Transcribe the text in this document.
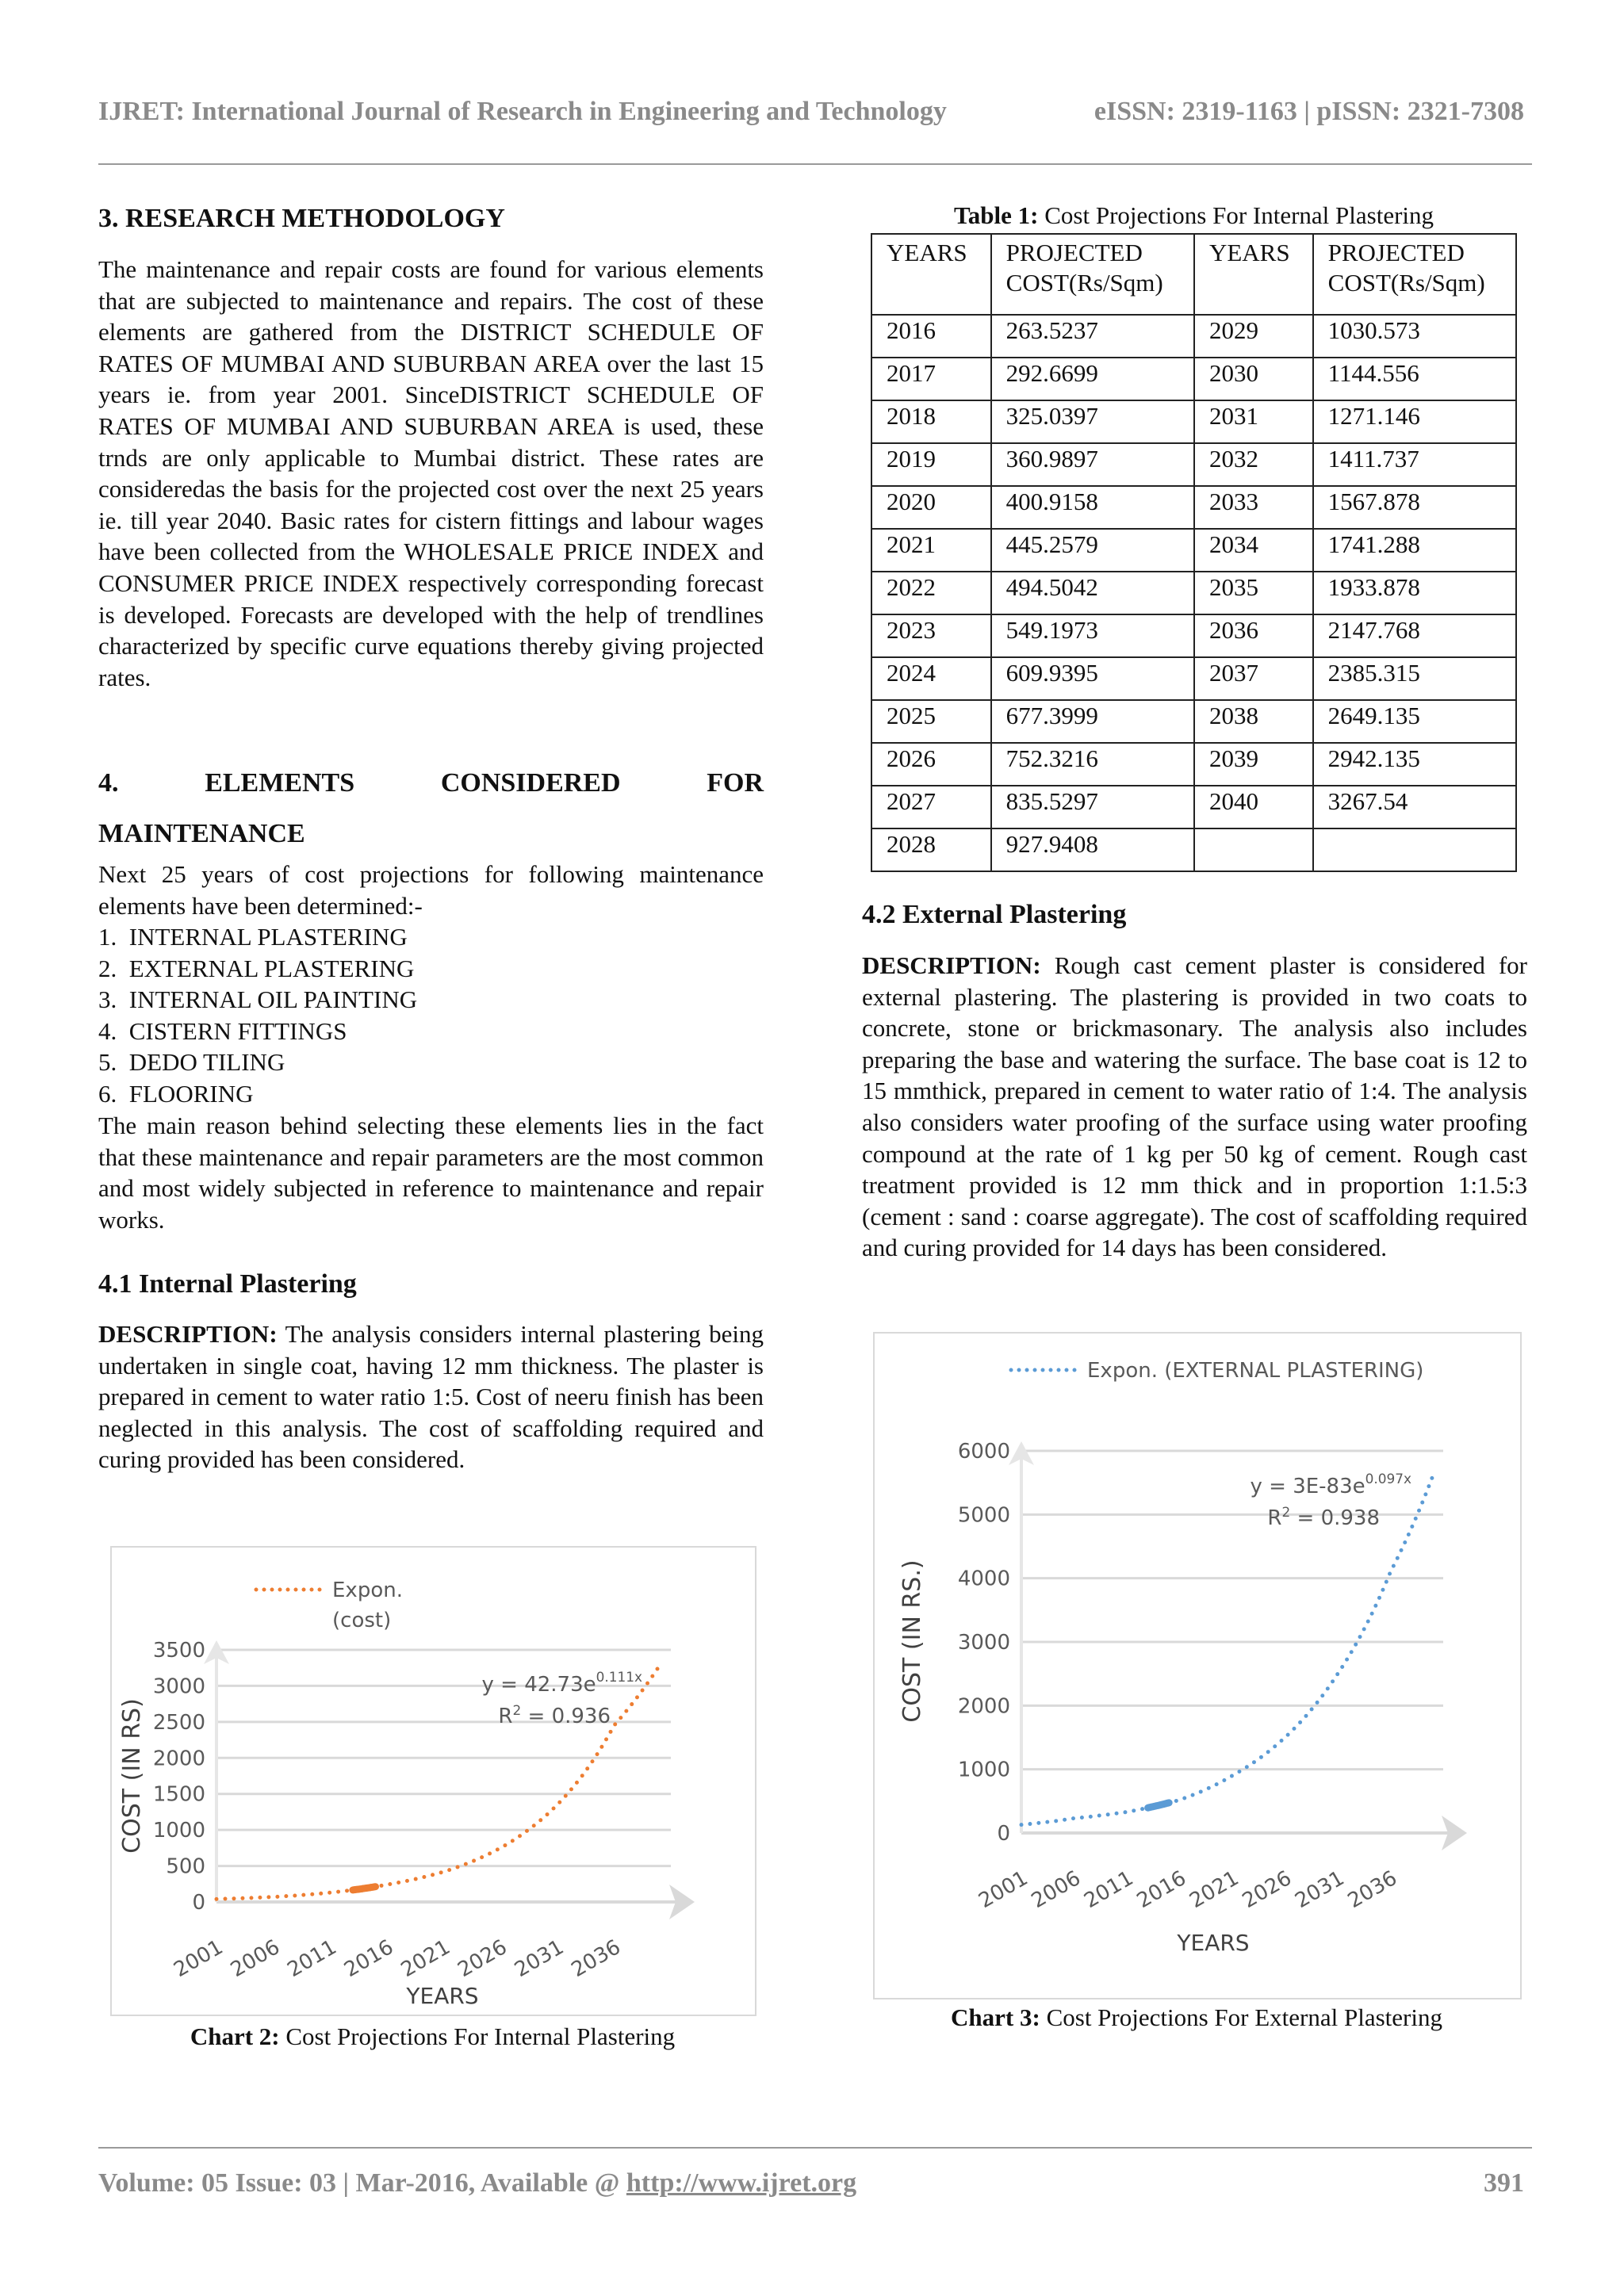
IJRET: International Journal of Research in Engineering and Technology	eISSN: 2319-1163 | pISSN: 2321-7308
3. RESEARCH METHODOLOGY
The maintenance and repair costs are found for various elements that are subjected to maintenance and repairs. The cost of these elements are gathered from the DISTRICT SCHEDULE OF RATES OF MUMBAI AND SUBURBAN AREA over the last 15 years ie. from year 2001. SinceDISTRICT SCHEDULE OF RATES OF MUMBAI AND SUBURBAN AREA is used, these trnds are only applicable to Mumbai district. These rates are consideredas the basis for the projected cost over the next 25 years ie. till year 2040. Basic rates for cistern fittings and labour wages have been collected from the WHOLESALE PRICE INDEX and CONSUMER PRICE INDEX respectively corresponding forecast is developed. Forecasts are developed with the help of trendlines characterized by specific curve equations thereby giving projected rates.
4. ELEMENTS CONSIDERED FOR MAINTENANCE
Next 25 years of cost projections for following maintenance elements have been determined:-
1.  INTERNAL PLASTERING
2.  EXTERNAL PLASTERING
3.  INTERNAL OIL PAINTING
4.  CISTERN FITTINGS
5.  DEDO TILING
6.  FLOORING
The main reason behind selecting these elements lies in the fact that these maintenance and repair parameters are the most common and most widely subjected in reference to maintenance and repair works.
4.1 Internal Plastering
DESCRIPTION: The analysis considers internal plastering being undertaken in single coat, having 12 mm thickness. The plaster is prepared in cement to water ratio 1:5. Cost of neeru finish has been neglected in this analysis. The cost of scaffolding required and curing provided has been considered.
0
500
1000
1500
2000
2500
3000
3500
2001 2006 2011 2016 2021 2026 2031 2036
Expon.
(cost)
$y = 42.73e^{0.111x}$
$R^2 = 0.936$
YEARS
COST (IN RS)
Chart 2: Cost Projections For Internal Plastering
Table 1: Cost Projections For Internal Plastering
YEARS	PROJECTED COST(Rs/Sqm)	YEARS	PROJECTED COST(Rs/Sqm)
2016	263.5237	2029	1030.573
2017	292.6699	2030	1144.556
2018	325.0397	2031	1271.146
2019	360.9897	2032	1411.737
2020	400.9158	2033	1567.878
2021	445.2579	2034	1741.288
2022	494.5042	2035	1933.878
2023	549.1973	2036	2147.768
2024	609.9395	2037	2385.315
2025	677.3999	2038	2649.135
2026	752.3216	2039	2942.135
2027	835.5297	2040	3267.54
2028	927.9408		
4.2 External Plastering
DESCRIPTION: Rough cast cement plaster is considered for external plastering. The plastering is provided in two coats to concrete, stone or brickmasonary. The analysis also includes preparing the base and watering the surface. The base coat is 12 to 15 mmthick, prepared in cement to water ratio of 1:4. The analysis also considers water proofing of the surface using water proofing compound at the rate of 1 kg per 50 kg of cement. Rough cast treatment provided is 12 mm thick and in proportion 1:1.5:3 (cement : sand : coarse aggregate). The cost of scaffolding required and curing provided for 14 days has been considered.
0
1000
2000
3000
4000
5000
6000
2001
2006
2011
2016
2021
2026
2031
2036
Expon. (EXTERNAL PLASTERING)
$y = 3E-83e^{0.097x}$
$R^2 = 0.938$
YEARS
COST (IN RS.)
Chart 3: Cost Projections For External Plastering
Volume: 05 Issue: 03 | Mar-2016, Available @ http://www.ijret.org	391
